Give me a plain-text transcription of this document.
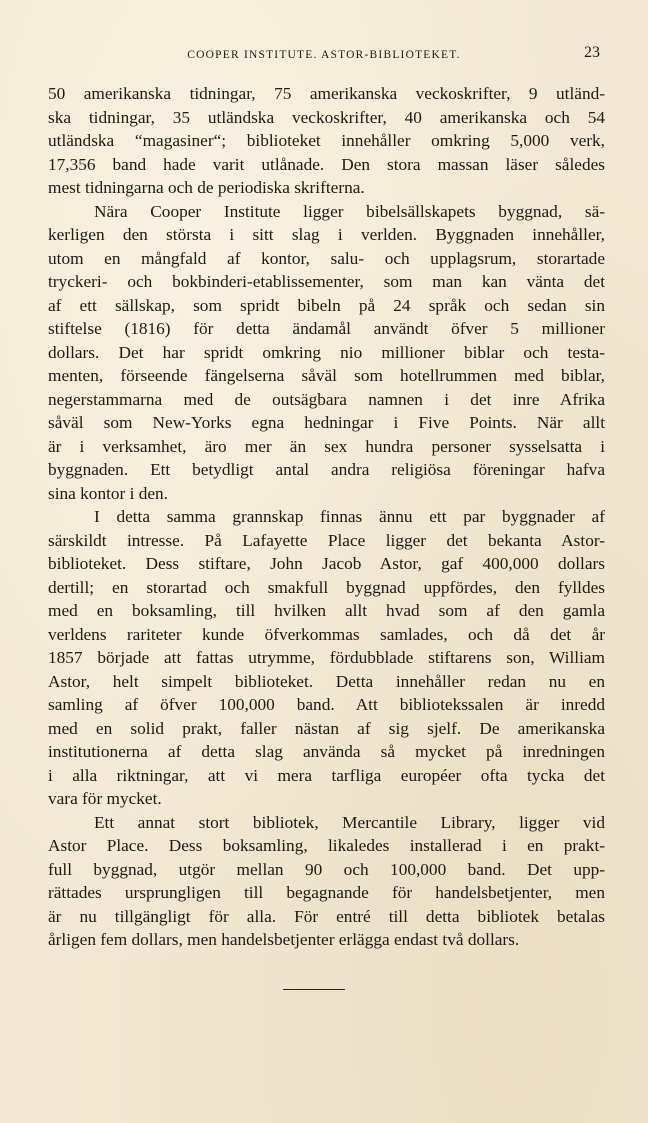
COOPER INSTITUTE. ASTOR-BIBLIOTEKET.	23
50 amerikanska tidningar, 75 amerikanska veckoskrifter, 9 utländ-
ska tidningar, 35 utländska veckoskrifter, 40 amerikanska och 54
utländska “magasiner“; biblioteket innehåller omkring 5,000 verk,
17,356 band hade varit utlånade. Den stora massan läser således
mest tidningarna och de periodiska skrifterna.
Nära Cooper Institute ligger bibelsällskapets byggnad, sä-
kerligen den största i sitt slag i verlden. Byggnaden innehåller,
utom en mångfald af kontor, salu- och upplagsrum, storartade
tryckeri- och bokbinderi-etablissementer, som man kan vänta det
af ett sällskap, som spridt bibeln på 24 språk och sedan sin
stiftelse (1816) för detta ändamål användt öfver 5 millioner
dollars. Det har spridt omkring nio millioner biblar och testa-
menten, förseende fängelserna såväl som hotellrummen med biblar,
negerstammarna med de outsägbara namnen i det inre Afrika
såväl som New-Yorks egna hedningar i Five Points. När allt
är i verksamhet, äro mer än sex hundra personer sysselsatta i
byggnaden. Ett betydligt antal andra religiösa föreningar hafva
sina kontor i den.
I detta samma grannskap finnas ännu ett par byggnader af
särskildt intresse. På Lafayette Place ligger det bekanta Astor-
biblioteket. Dess stiftare, John Jacob Astor, gaf 400,000 dollars
dertill; en storartad och smakfull byggnad uppfördes, den fylldes
med en boksamling, till hvilken allt hvad som af den gamla
verldens rariteter kunde öfverkommas samlades, och då det år
1857 började att fattas utrymme, fördubblade stiftarens son, William
Astor, helt simpelt biblioteket. Detta innehåller redan nu en
samling af öfver 100,000 band. Att bibliotekssalen är inredd
med en solid prakt, faller nästan af sig sjelf. De amerikanska
institutionerna af detta slag använda så mycket på inredningen
i alla riktningar, att vi mera tarfliga européer ofta tycka det
vara för mycket.
Ett annat stort bibliotek, Mercantile Library, ligger vid
Astor Place. Dess boksamling, likaledes installerad i en prakt-
full byggnad, utgör mellan 90 och 100,000 band. Det upp-
rättades ursprungligen till begagnande för handelsbetjenter, men
är nu tillgängligt för alla. För entré till detta bibliotek betalas
årligen fem dollars, men handelsbetjenter erlägga endast två dollars.
